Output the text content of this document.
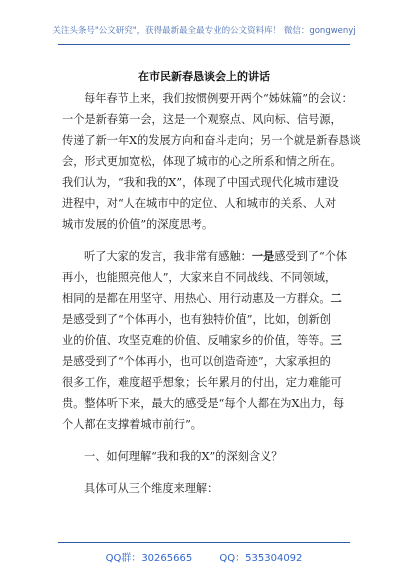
关注头条号"公文研究"，获得最新最全最专业的公文资料库！ 微信：gongwenyj
在市民新春恳谈会上的讲话
每年春节上来，我们按惯例要开两个“姊妹篇”的会议：
一个是新春第一会，这是一个观察点、风向标、信号源，
传递了新一年X的发展方向和奋斗走向；另一个就是新春恳谈
会，形式更加宽松，体现了城市的心之所系和情之所在。
我们认为，“我和我的X”，体现了中国式现代化城市建设
进程中，对“人在城市中的定位、人和城市的关系、人对
城市发展的价值”的深度思考。
听了大家的发言，我非常有感触：一是感受到了“个体
再小，也能照亮他人”，大家来自不同战线、不同领域，
相同的是都在用坚守、用热心、用行动惠及一方群众。二
是感受到了“个体再小，也有独特价值”，比如，创新创
业的价值、攻坚克难的价值、反哺家乡的价值，等等。三
是感受到了“个体再小，也可以创造奇迹”，大家承担的
很多工作，难度超乎想象；长年累月的付出，定力难能可
贵。整体听下来，最大的感受是“每个人都在为X出力，每
个人都在支撑着城市前行”。
一、如何理解“我和我的X”的深刻含义？
具体可从三个维度来理解：
QQ群：30265665	QQ：535304092
